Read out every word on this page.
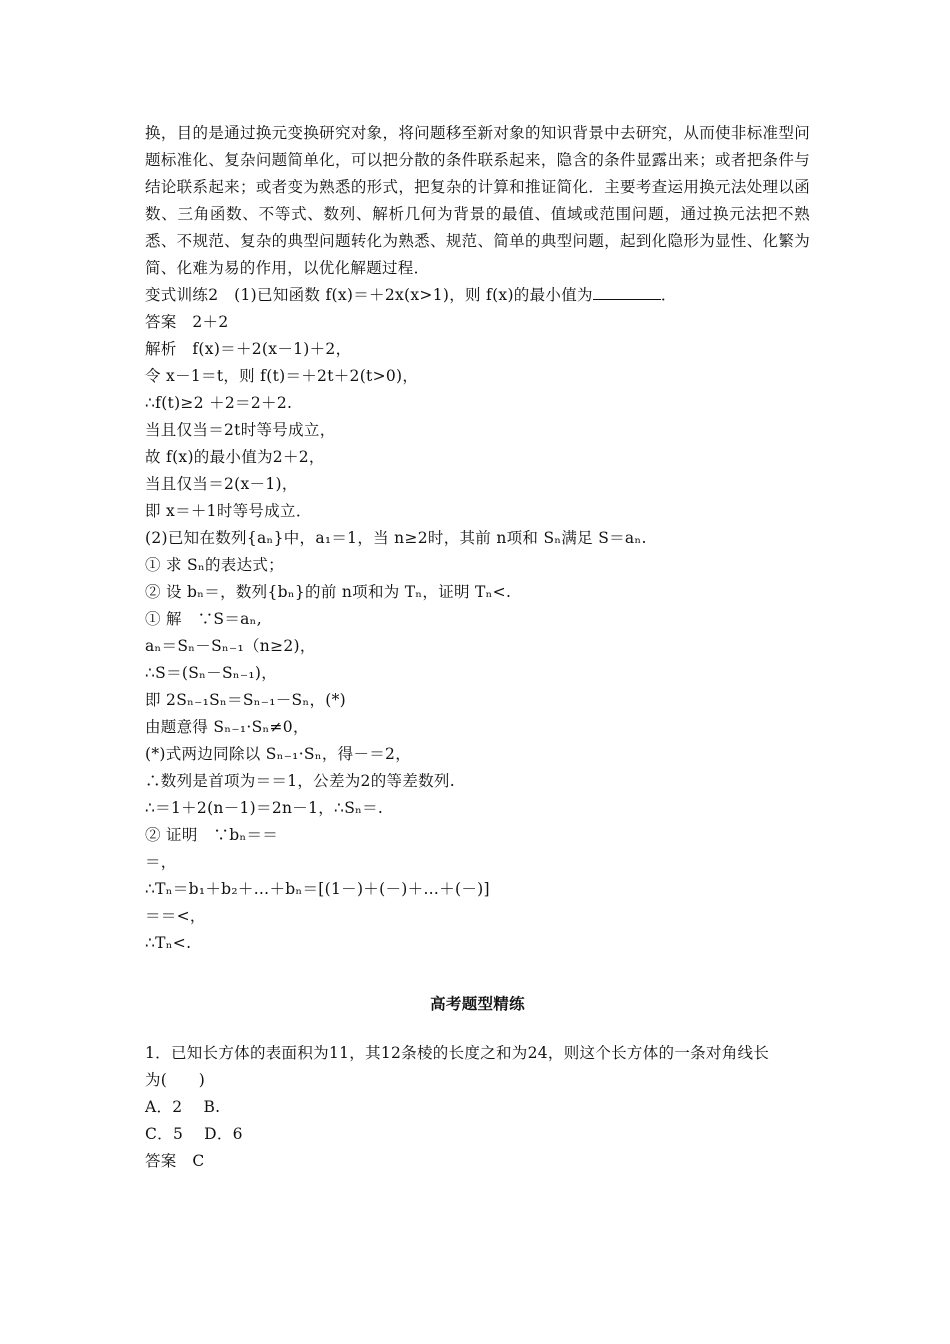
换，目的是通过换元变换研究对象，将问题移至新对象的知识背景中去研究，从而使非标准型问题标准化、复杂问题简单化，可以把分散的条件联系起来，隐含的条件显露出来；或者把条件与结论联系起来；或者变为熟悉的形式，把复杂的计算和推证简化．主要考查运用换元法处理以函数、三角函数、不等式、数列、解析几何为背景的最值、值域或范围问题，通过换元法把不熟悉、不规范、复杂的典型问题转化为熟悉、规范、简单的典型问题，起到化隐形为显性、化繁为简、化难为易的作用，以优化解题过程．
变式训练2　(1)已知函数 f(x)＝＋2x(x>1)，则 f(x)的最小值为	．
答案　2＋2
解析　f(x)＝＋2(x－1)＋2，
令 x－1＝t，则 f(t)＝＋2t＋2(t>0)，
∴f(t)≥2 ＋2＝2＋2.
当且仅当＝2t时等号成立，
故 f(x)的最小值为2＋2，
当且仅当＝2(x－1)，
即 x＝＋1时等号成立．
(2)已知在数列{aₙ}中，a₁＝1，当 n≥2时，其前 n项和 Sₙ满足 S＝aₙ.
① 求 Sₙ的表达式；
② 设 bₙ＝，数列{bₙ}的前 n项和为 Tₙ，证明 Tₙ<.
① 解　∵S＝aₙ,
aₙ＝Sₙ－Sₙ₋₁（n≥2)，
∴S＝(Sₙ－Sₙ₋₁)，
即 2Sₙ₋₁Sₙ＝Sₙ₋₁－Sₙ，(*)
由题意得 Sₙ₋₁·Sₙ≠0，
(*)式两边同除以 Sₙ₋₁·Sₙ，得－＝2，
∴数列是首项为＝＝1，公差为2的等差数列.
∴＝1＋2(n－1)＝2n－1，∴Sₙ＝.
② 证明　∵bₙ＝＝
＝，
∴Tₙ＝b₁＋b₂＋…＋bₙ＝[(1－)＋(－)＋…＋(－)]
＝＝<，
∴Tₙ<.
高考题型精练
1．已知长方体的表面积为11，其12条棱的长度之和为24，则这个长方体的一条对角线长
为(　　)
A．2　 B.
C．5　 D．6
答案　C
